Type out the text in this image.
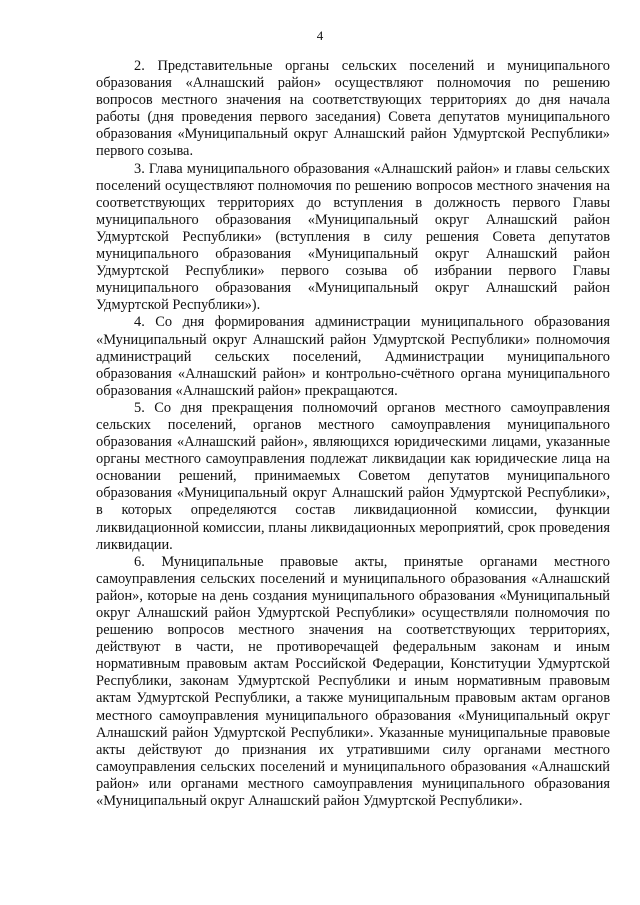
4

2. Представительные органы сельских поселений и муниципального образования «Алнашский район» осуществляют полномочия по решению вопросов местного значения на соответствующих территориях до дня начала работы (дня проведения первого заседания) Совета депутатов муниципального образования «Муниципальный округ Алнашский район Удмуртской Республики» первого созыва.

3. Глава муниципального образования «Алнашский район» и главы сельских поселений осуществляют полномочия по решению вопросов местного значения на соответствующих территориях до вступления в должность первого Главы муниципального образования «Муниципальный округ Алнашский район Удмуртской Республики» (вступления в силу решения Совета депутатов муниципального образования «Муниципальный округ Алнашский район Удмуртской Республики» первого созыва об избрании первого Главы муниципального образования «Муниципальный округ Алнашский район Удмуртской Республики»).

4. Со дня формирования администрации муниципального образования «Муниципальный округ Алнашский район Удмуртской Республики» полномочия администраций сельских поселений, Администрации муниципального образования «Алнашский район» и контрольно-счётного органа муниципального образования «Алнашский район» прекращаются.

5. Со дня прекращения полномочий органов местного самоуправления сельских поселений, органов местного самоуправления муниципального образования «Алнашский район», являющихся юридическими лицами, указанные органы местного самоуправления подлежат ликвидации как юридические лица на основании решений, принимаемых Советом депутатов муниципального образования «Муниципальный округ Алнашский район Удмуртской Республики», в которых определяются состав ликвидационной комиссии, функции ликвидационной комиссии, планы ликвидационных мероприятий, срок проведения ликвидации.

6. Муниципальные правовые акты, принятые органами местного самоуправления сельских поселений и муниципального образования «Алнашский район», которые на день создания муниципального образования «Муниципальный округ Алнашский район Удмуртской Республики» осуществляли полномочия по решению вопросов местного значения на соответствующих территориях, действуют в части, не противоречащей федеральным законам и иным нормативным правовым актам Российской Федерации, Конституции Удмуртской Республики, законам Удмуртской Республики и иным нормативным правовым актам Удмуртской Республики, а также муниципальным правовым актам органов местного самоуправления муниципального образования «Муниципальный округ Алнашский район Удмуртской Республики». Указанные муниципальные правовые акты действуют до признания их утратившими силу органами местного самоуправления сельских поселений и муниципального образования «Алнашский район» или органами местного самоуправления муниципального образования «Муниципальный округ Алнашский район Удмуртской Республики».
